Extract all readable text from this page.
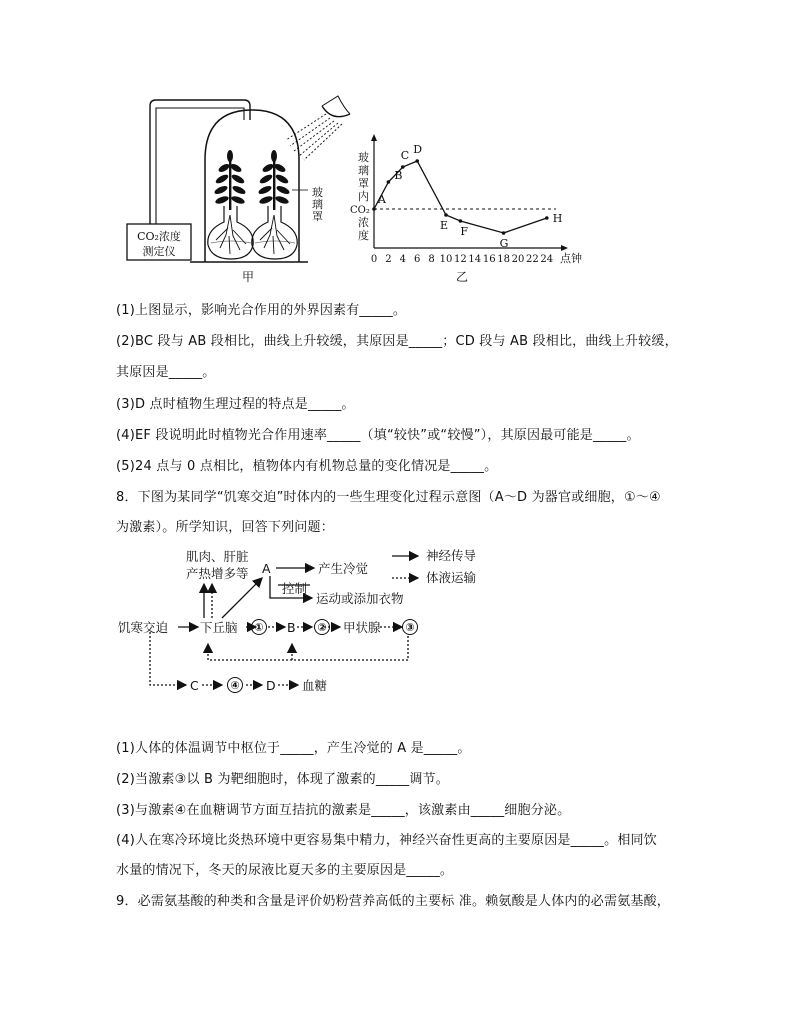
CO₂浓度
测定仪
玻
璃
罩
甲
玻
璃
罩
内
CO₂
浓
度
0 2 4 6 8 10 12 14 16 18 20 22 24 点钟
A
B
C D
E F
G
H
乙
(1)上图显示，影响光合作用的外界因素有_____。
(2)BC 段与 AB 段相比，曲线上升较缓，其原因是_____；CD 段与 AB 段相比，曲线上升较缓，
其原因是_____。
(3)D 点时植物生理过程的特点是_____。
(4)EF 段说明此时植物光合作用速率_____（填“较快”或“较慢”），其原因最可能是_____。
(5)24 点与 0 点相比，植物体内有机物总量的变化情况是_____。
8．下图为某同学“饥寒交迫”时体内的一些生理变化过程示意图（A～D 为器官或细胞，①～④
为激素）。所学知识，回答下列问题：
肌肉、肝脏
产热增多等 A	产生冷觉
控制
运动或添加衣物
神经传导
体液运输
饥寒交迫	下丘脑	① B	② 甲状腺	③
C	④ D 血糖
(1)人体的体温调节中枢位于_____，产生冷觉的 A 是_____。
(2)当激素③以 B 为靶细胞时，体现了激素的_____调节。
(3)与激素④在血糖调节方面互拮抗的激素是_____，该激素由_____细胞分泌。
(4)人在寒冷环境比炎热环境中更容易集中精力，神经兴奋性更高的主要原因是_____。相同饮
水量的情况下，冬天的尿液比夏天多的主要原因是_____。
9．必需氨基酸的种类和含量是评价奶粉营养高低的主要标 准。赖氨酸是人体内的必需氨基酸，
